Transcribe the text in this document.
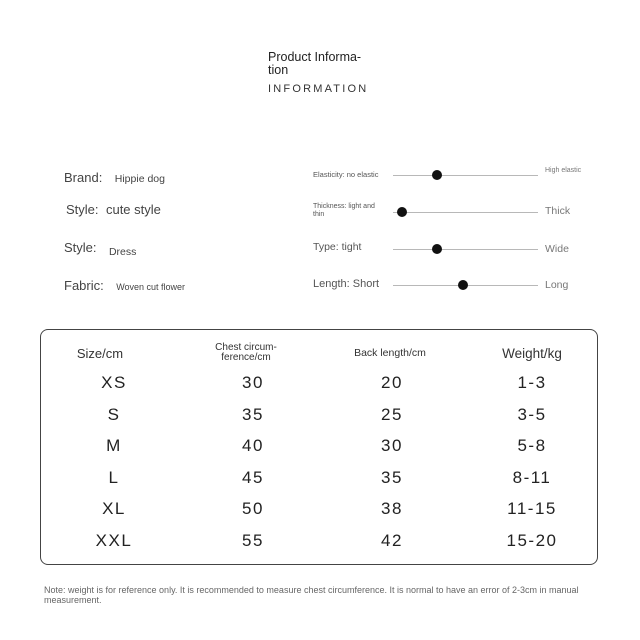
Product Informa-tion
INFORMATION
Brand: Hippie dog
Style: cute style
Style: Dress
Fabric: Woven cut flower
Elasticity: no elastic	High elastic
Thickness: light and thin	Thick
Type: tight	Wide
Length: Short	Long
Size/cm	Chest circum-ference/cm	Back length/cm	Weight/kg
XS	30	20	1-3
S	35	25	3-5
M	40	30	5-8
L	45	35	8-11
XL	50	38	11-15
XXL	55	42	15-20
Note: weight is for reference only. It is recommended to measure chest circumference. It is normal to have an error of 2-3cm in manual measurement.
